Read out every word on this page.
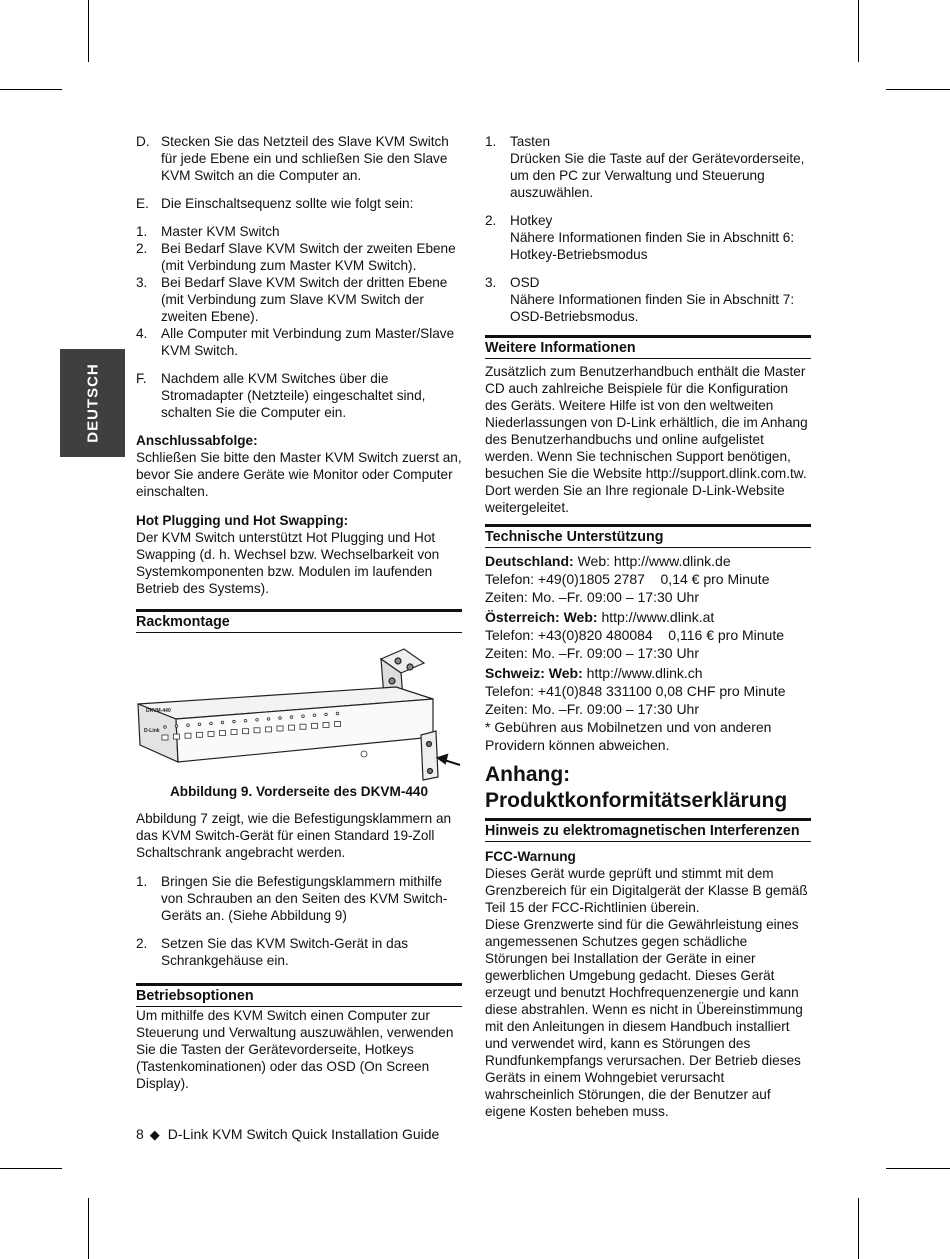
DEUTSCH
D. Stecken Sie das Netzteil des Slave KVM Switch für jede Ebene ein und schließen Sie den Slave KVM Switch an die Computer an.
E. Die Einschaltsequenz sollte wie folgt sein:
1.	Master KVM Switch
2.	Bei Bedarf Slave KVM Switch der zweiten Ebene (mit Verbindung zum Master KVM Switch).
3.	Bei Bedarf Slave KVM Switch der dritten Ebene (mit Verbindung zum Slave KVM Switch der zweiten Ebene).
4.	Alle Computer mit Verbindung zum Master/Slave KVM Switch.
F.	Nachdem alle KVM Switches über die Stromadapter (Netzteile) eingeschaltet sind, schalten Sie die Computer ein.
Anschlussabfolge:

Schließen Sie bitte den Master KVM Switch zuerst an, bevor Sie andere Geräte wie Monitor oder Computer einschalten.

Hot Plugging und Hot Swapping:

Der KVM Switch unterstützt Hot Plugging und Hot Swapping (d. h. Wechsel bzw. Wechselbarkeit von Systemkomponenten bzw. Modulen im laufenden Betrieb des Systems).

Rackmontage
DKVM-440
D-Link
Abbildung 9. Vorderseite des DKVM-440

Abbildung 7 zeigt, wie die Befestigungsklammern an das KVM Switch-Gerät für einen Standard 19-Zoll Schaltschrank angebracht werden.

1.	Bringen Sie die Befestigungsklammern mithilfe von Schrauben an den Seiten des KVM Switch-Geräts an. (Siehe Abbildung 9)
2.	Setzen Sie das KVM Switch-Gerät in das Schrankgehäuse ein.
Betriebsoptionen

Um mithilfe des KVM Switch einen Computer zur Steuerung und Verwaltung auszuwählen, verwenden Sie die Tasten der Gerätevorderseite, Hotkeys (Tastenkominationen) oder das OSD (On Screen Display).

1.	Tasten
Drücken Sie die Taste auf der Gerätevorderseite, um den PC zur Verwaltung und Steuerung auszuwählen.
2.	Hotkey
Nähere Informationen finden Sie in Abschnitt 6: Hotkey-Betriebsmodus
3.	OSD
Nähere Informationen finden Sie in Abschnitt 7: OSD-Betriebsmodus.
Weitere Informationen

Zusätzlich zum Benutzerhandbuch enthält die Master CD auch zahlreiche Beispiele für die Konfiguration des Geräts. Weitere Hilfe ist von den weltweiten Niederlassungen von D-Link erhältlich, die im Anhang des Benutzerhandbuchs und online aufgelistet werden. Wenn Sie technischen Support benötigen, besuchen Sie die Website http://support.dlink.com.tw. Dort werden Sie an Ihre regionale D-Link-Website weitergeleitet.

Technische Unterstützung
Deutschland: Web: http://www.dlink.de
Telefon: +49(0)1805 2787    0,14 € pro Minute
Zeiten: Mo. –Fr. 09:00 – 17:30 Uhr
Österreich: Web: http://www.dlink.at
Telefon: +43(0)820 480084    0,116 € pro Minute
Zeiten: Mo. –Fr. 09:00 – 17:30 Uhr
Schweiz: Web: http://www.dlink.ch
Telefon: +41(0)848 331100 0,08 CHF pro Minute
Zeiten: Mo. –Fr. 09:00 – 17:30 Uhr
* Gebühren aus Mobilnetzen und von anderen Providern können abweichen.
Anhang:
Produktkonformitätserklärung
Hinweis zu elektromagnetischen Interferenzen
FCC-Warnung
Dieses Gerät wurde geprüft und stimmt mit dem Grenzbereich für ein Digitalgerät der Klasse B gemäß Teil 15 der FCC-Richtlinien überein.
Diese Grenzwerte sind für die Gewährleistung eines angemessenen Schutzes gegen schädliche Störungen bei Installation der Geräte in einer gewerblichen Umgebung gedacht. Dieses Gerät erzeugt und benutzt Hochfrequenzenergie und kann diese abstrahlen. Wenn es nicht in Übereinstimmung mit den Anleitungen in diesem Handbuch installiert und verwendet wird, kann es Störungen des Rundfunkempfangs verursachen. Der Betrieb dieses Geräts in einem Wohngebiet verursacht wahrscheinlich Störungen, die der Benutzer auf eigene Kosten beheben muss.
8 ◆ D-Link KVM Switch Quick Installation Guide
